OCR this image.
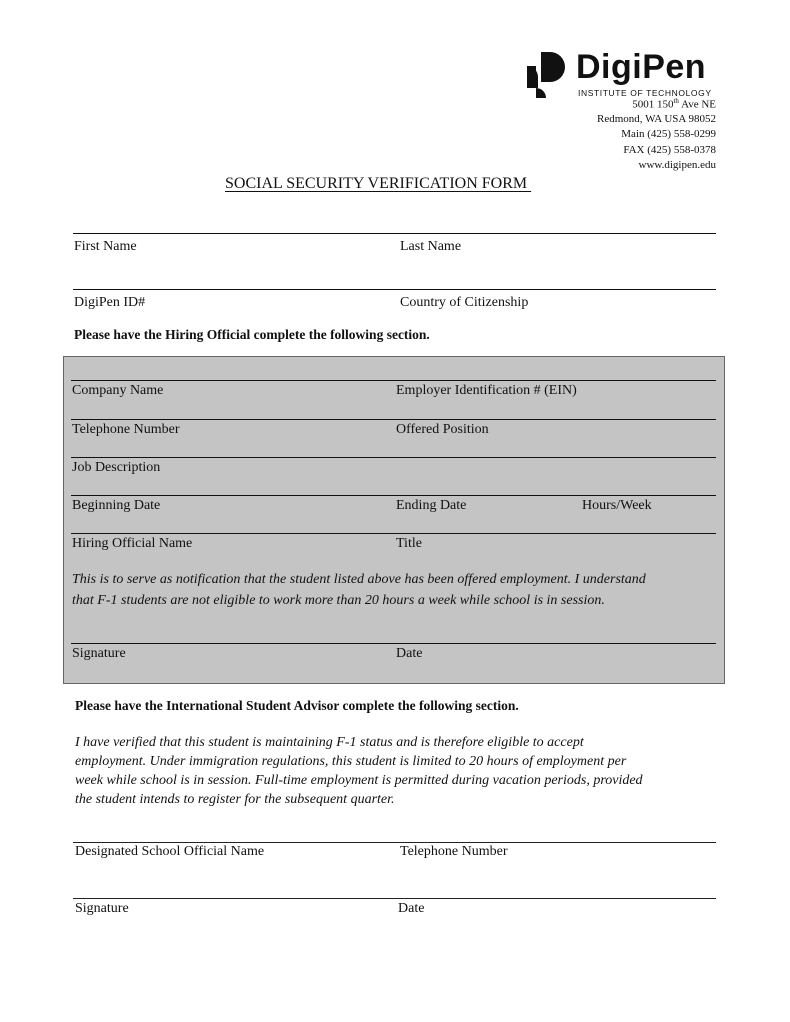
DigiPen
INSTITUTE OF TECHNOLOGY
5001 150th Ave NE
Redmond, WA USA 98052
Main (425) 558-0299
FAX (425) 558-0378
www.digipen.edu
SOCIAL SECURITY VERIFICATION FORM
First Name	Last Name
DigiPen ID#	Country of Citizenship
Please have the Hiring Official complete the following section.
Company Name	Employer Identification # (EIN)
Telephone Number	Offered Position
Job Description
Beginning Date	Ending Date	Hours/Week
Hiring Official Name	Title
This is to serve as notification that the student listed above has been offered employment. I understand
that F-1 students are not eligible to work more than 20 hours a week while school is in session.
Signature	Date
Please have the International Student Advisor complete the following section.
I have verified that this student is maintaining F-1 status and is therefore eligible to accept
employment. Under immigration regulations, this student is limited to 20 hours of employment per
week while school is in session. Full-time employment is permitted during vacation periods, provided
the student intends to register for the subsequent quarter.
Designated School Official Name	Telephone Number
Signature	Date
